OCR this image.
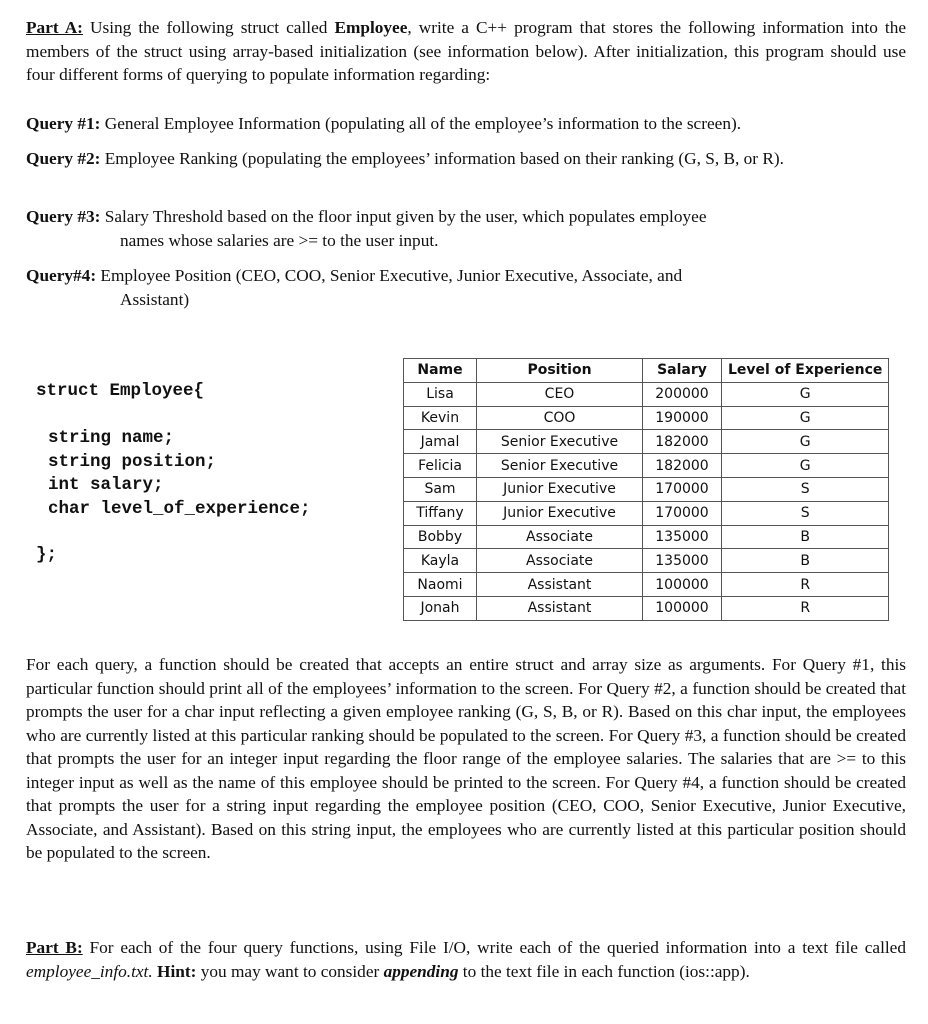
Part A: Using the following struct called Employee, write a C++ program that stores the following information into the members of the struct using array-based initialization (see information below). After initialization, this program should use four different forms of querying to populate information regarding:
Query #1: General Employee Information (populating all of the employee’s information to the screen).
Query #2: Employee Ranking (populating the employees’ information based on their ranking (G, S, B, or R).
Query #3: Salary Threshold based on the floor input given by the user, which populates employee
names whose salaries are >= to the user input.
Query#4: Employee Position (CEO, COO, Senior Executive, Junior Executive, Associate, and
Assistant)
struct Employee{
string name;
string position;
int salary;
char level_of_experience;
};
Name	Position	Salary	Level of Experience
Lisa	CEO	200000	G
Kevin	COO	190000	G
Jamal	Senior Executive	182000	G
Felicia	Senior Executive	182000	G
Sam	Junior Executive	170000	S
Tiffany	Junior Executive	170000	S
Bobby	Associate	135000	B
Kayla	Associate	135000	B
Naomi	Assistant	100000	R
Jonah	Assistant	100000	R
For each query, a function should be created that accepts an entire struct and array size as arguments. For Query #1, this particular function should print all of the employees’ information to the screen. For Query #2, a function should be created that prompts the user for a char input reflecting a given employee ranking (G, S, B, or R). Based on this char input, the employees who are currently listed at this particular ranking should be populated to the screen. For Query #3, a function should be created that prompts the user for an integer input regarding the floor range of the employee salaries. The salaries that are >= to this integer input as well as the name of this employee should be printed to the screen. For Query #4, a function should be created that prompts the user for a string input regarding the employee position (CEO, COO, Senior Executive, Junior Executive, Associate, and Assistant). Based on this string input, the employees who are currently listed at this particular position should be populated to the screen.
Part B: For each of the four query functions, using File I/O, write each of the queried information into a text file called employee_info.txt. Hint: you may want to consider appending to the text file in each function (ios::app).
